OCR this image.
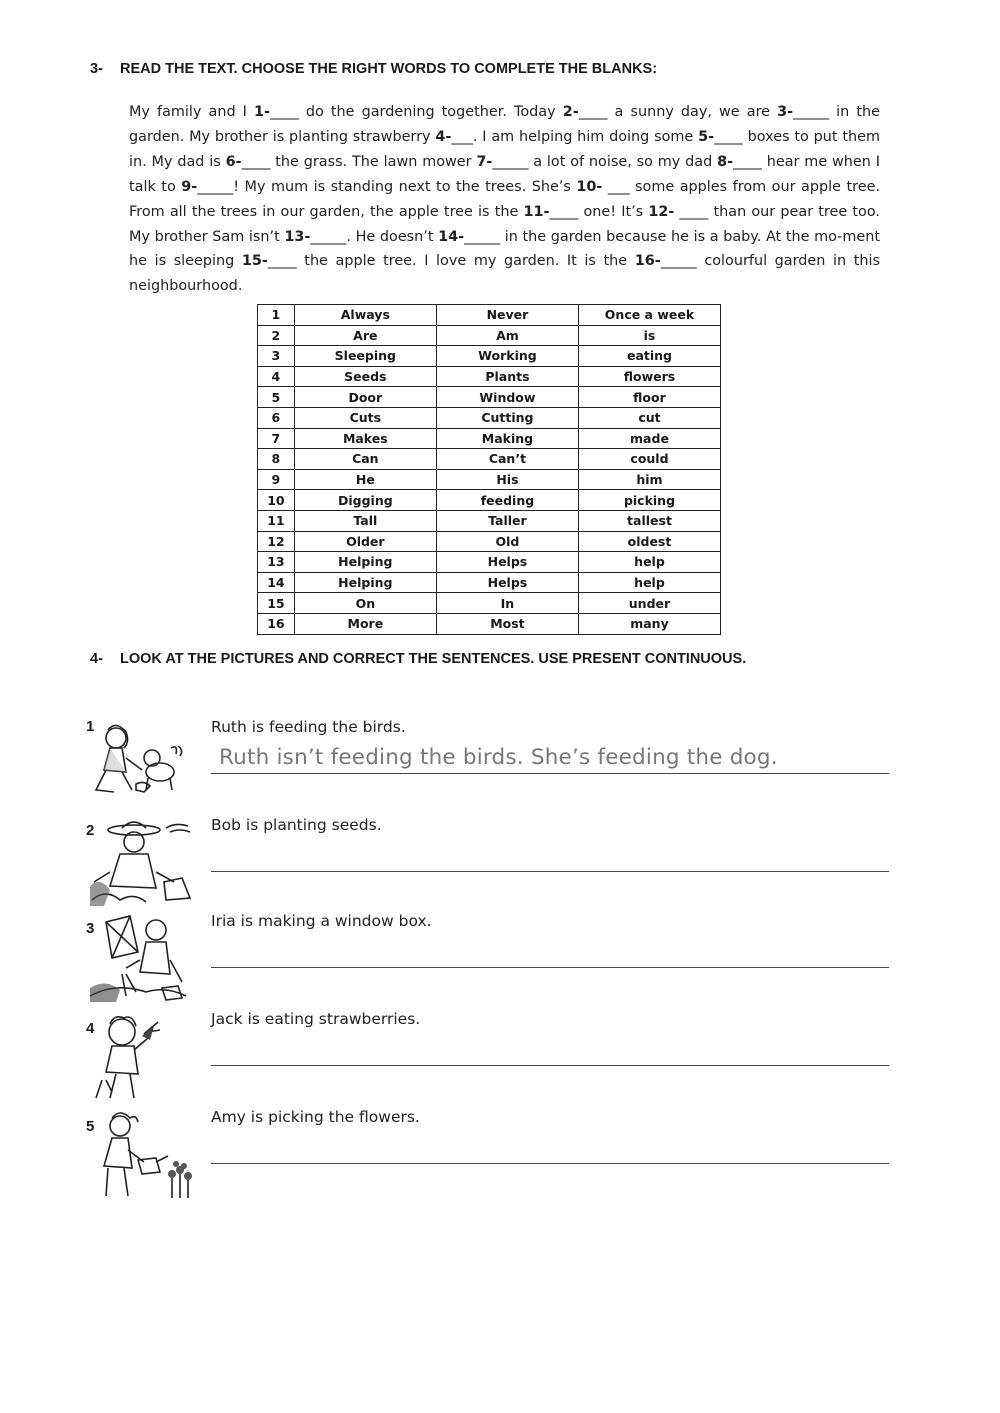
3- READ THE TEXT. CHOOSE THE RIGHT WORDS TO COMPLETE THE BLANKS:
My family and I 1-____ do the gardening together. Today 2-____ a sunny day, we are 3-_____ in the garden. My brother is planting strawberry 4-___. I am helping him doing some 5-____ boxes to put them in. My dad is 6-____ the grass. The lawn mower 7-_____ a lot of noise, so my dad 8-____ hear me when I talk to 9-_____! My mum is standing next to the trees. She’s 10- ___ some apples from our apple tree. From all the trees in our garden, the apple tree is the 11-____ one! It’s 12- ____ than our pear tree too. My brother Sam isn’t 13-_____. He doesn’t 14-_____ in the garden because he is a baby. At the mo-ment he is sleeping 15-____ the apple tree. I love my garden. It is the 16-_____ colourful garden in this neighbourhood.
1	Always	Never	Once a week
2	Are	Am	is
3	Sleeping	Working	eating
4	Seeds	Plants	flowers
5	Door	Window	floor
6	Cuts	Cutting	cut
7	Makes	Making	made
8	Can	Can’t	could
9	He	His	him
10	Digging	feeding	picking
11	Tall	Taller	tallest
12	Older	Old	oldest
13	Helping	Helps	help
14	Helping	Helps	help
15	On	In	under
16	More	Most	many
4- LOOK AT THE PICTURES AND CORRECT THE SENTENCES. USE PRESENT CONTINUOUS.
1	Ruth is feeding the birds.
Ruth isn’t feeding the birds. She’s feeding the dog.
2	Bob is planting seeds.
3	Iria is making a window box.
4
Jack is eating strawberries.
5
Amy is picking the flowers.
